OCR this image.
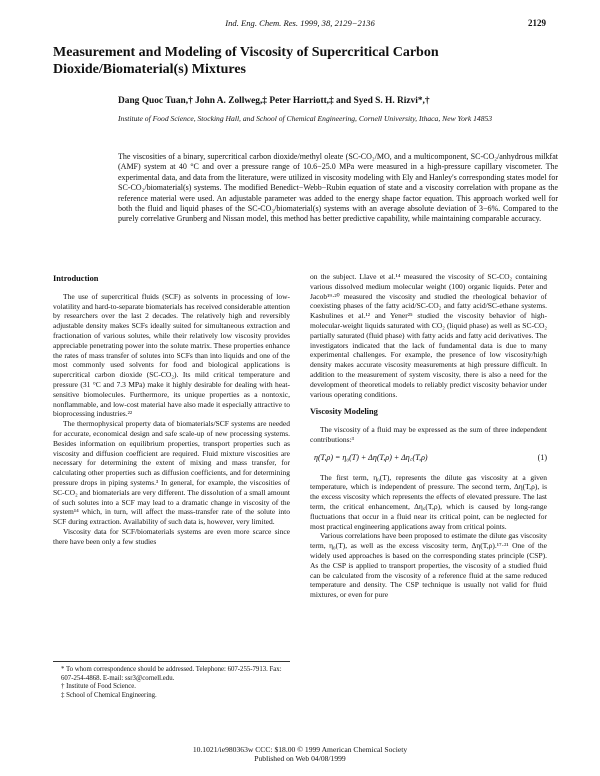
Ind. Eng. Chem. Res. 1999, 38, 2129−2136	2129
Measurement and Modeling of Viscosity of Supercritical Carbon Dioxide/Biomaterial(s) Mixtures
Dang Quoc Tuan,† John A. Zollweg,‡ Peter Harriott,‡ and Syed S. H. Rizvi*,†
Institute of Food Science, Stocking Hall, and School of Chemical Engineering, Cornell University, Ithaca, New York 14853
The viscosities of a binary, supercritical carbon dioxide/methyl oleate (SC-CO₂/MO, and a multicomponent, SC-CO₂/anhydrous milkfat (AMF) system at 40 °C and over a pressure range of 10.6−25.0 MPa were measured in a high-pressure capillary viscometer. The experimental data, and data from the literature, were utilized in viscosity modeling with Ely and Hanley's corresponding states model for SC-CO₂/biomaterial(s) systems. The modified Benedict−Webb−Rubin equation of state and a viscosity correlation with propane as the reference material were used. An adjustable parameter was added to the energy shape factor equation. This approach worked well for both the fluid and liquid phases of the SC-CO₂/biomaterial(s) systems with an average absolute deviation of 3−6%. Compared to the purely correlative Grunberg and Nissan model, this method has better predictive capability, while maintaining comparable accuracy.
Introduction

The use of supercritical fluids (SCF) as solvents in processing of low-volatility and hard-to-separate biomaterials has received considerable attention by researchers over the last 2 decades. The relatively high and reversibly adjustable density makes SCFs ideally suited for simultaneous extraction and fractionation of various solutes, while their relatively low viscosity provides appreciable penetrating power into the solute matrix. These properties enhance the rates of mass transfer of solutes into SCFs than into liquids and one of the most commonly used solvents for food and biological applications is supercritical carbon dioxide (SC-CO₂). Its mild critical temperature and pressure (31 °C and 7.3 MPa) make it highly desirable for dealing with heat-sensitive biomolecules. Furthermore, its unique properties as a nontoxic, nonflammable, and low-cost material have also made it especially attractive to bioprocessing industries.²²

The thermophysical property data of biomaterials/SCF systems are needed for accurate, economical design and safe scale-up of new processing systems. Besides information on equilibrium properties, transport properties such as viscosity and diffusion coefficient are required. Fluid mixture viscosities are necessary for determining the extent of mixing and mass transfer, for calculating other properties such as diffusion coefficients, and for determining pressure drops in piping systems.³ In general, for example, the viscosities of SC-CO₂ and biomaterials are very different. The dissolution of a small amount of such solutes into a SCF may lead to a dramatic change in viscosity of the system¹⁴ which, in turn, will affect the mass-transfer rate of the solute into SCF during extraction. Availability of such data is, however, very limited.

Viscosity data for SCF/biomaterials systems are even more scarce since there have been only a few studies

* To whom correspondence should be addressed. Telephone: 607-255-7913. Fax: 607-254-4868. E-mail: ssr3@cornell.edu.
† Institute of Food Science.
‡ School of Chemical Engineering.

on the subject. Llave et al.¹⁴ measured the viscosity of SC-CO₂ containing various dissolved medium molecular weight (100) organic liquids. Peter and Jacob¹⁹·²⁰ measured the viscosity and studied the rheological behavior of coexisting phases of the fatty acid/SC-CO₂ and fatty acid/SC-ethane systems. Kashulines et al.¹² and Yener²⁵ studied the viscosity behavior of high-molecular-weight liquids saturated with CO₂ (liquid phase) as well as SC-CO₂ partially saturated (fluid phase) with fatty acids and fatty acid derivatives. The investigators indicated that the lack of fundamental data is due to many experimental challenges. For example, the presence of low viscosity/high density makes accurate viscosity measurements at high pressure difficult. In addition to the measurement of system viscosity, there is also a need for the development of theoretical models to reliably predict viscosity behavior under various operating conditions.

Viscosity Modeling

The viscosity of a fluid may be expressed as the sum of three independent contributions:³

η(T,ρ) = η₀(T) + Δη(T,ρ) + Δη꜀(T,ρ)	(1)

The first term, η₀(T), represents the dilute gas viscosity at a given temperature, which is independent of pressure. The second term, Δη(T,ρ), is the excess viscosity which represents the effects of elevated pressure. The last term, the critical enhancement, Δη꜀(T,ρ), which is caused by long-range fluctuations that occur in a fluid near its critical point, can be neglected for most practical engineering applications away from critical points.

Various correlations have been proposed to estimate the dilute gas viscosity term, η₀(T), as well as the excess viscosity term, Δη(T,ρ).¹⁷·²¹ One of the widely used approaches is based on the corresponding states principle (CSP). As the CSP is applied to transport properties, the viscosity of a studied fluid can be calculated from the viscosity of a reference fluid at the same reduced temperature and density. The CSP technique is usually not valid for fluid mixtures, or even for pure

10.1021/ie980363w CCC: $18.00 © 1999 American Chemical Society
Published on Web 04/08/1999
